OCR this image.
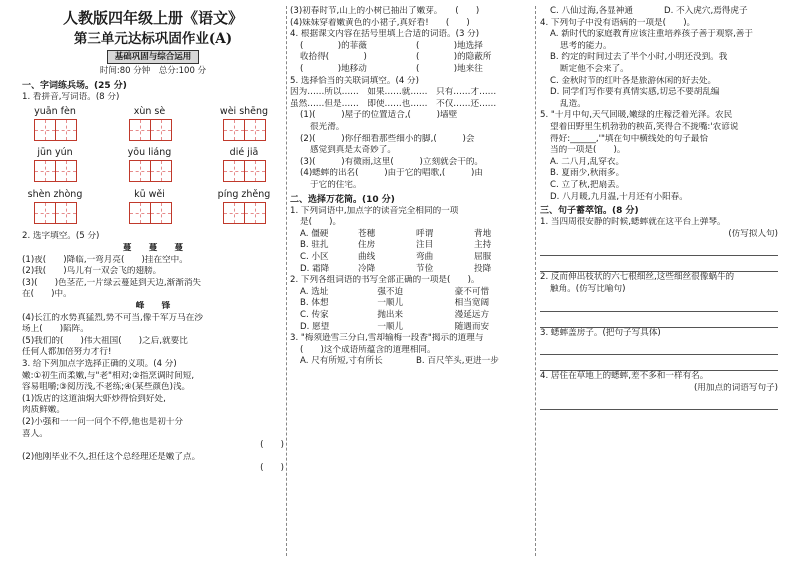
人教版四年级上册《语文》
第三单元达标巩固作业(A)
基础巩固与综合运用
时间:80 分钟　总分:100 分
一、字词练兵场。(25 分)
1. 看拼音,写词语。(8 分)
yuān fèn	xùn sè	wèi shēng
jūn yún	yōu liáng	dié jiā
shèn zhòng	kū wěi	píng zhěng
2. 选字填空。(5 分)
蔓　　蔓　　蔓
(1)夜(　　)降临,一弯月亮(　　)挂在空中。
(2)我(　　)鸟儿有一双会飞的翅膀。
(3)(　　)色茎茫,一片绿云蔓延到天边,渐渐消失
在(　　)中。
峰　　锋
(4)长江的水势真猛烈,势不可当,像千军万马在沙
场上(　　)陷阵。
(5)我们的(　　)伟大祖国(　　)之后,就要比
任何人都加倍努力才行!
3. 给下列加点字选择正确的义项。(4 分)
嫩:①初生而柔嫩,与"老"相对;②指烹调时间短,
容易咀嚼;③阅历浅,不老练;④(某些颜色)浅。
(1)饭店的这道油焖大虾炒得恰到好处,
肉质鲜嫩。
(2)小强和一一问一问个不停,他也是初十分
喜人。
(　　)
(2)他刚毕业不久,担任这个总经理还是嫩了点。
(　　)
(3)初春时节,山上的小树已抽出了嫩芽。　　(　　)
(4)妹妹穿着嫩黄色的小裙子,真好看!　　(　　)
4. 根据课文内容在括号里填上合适的词语。(3 分)
(　　　　)的菲薇	(　　　　)地选择
收拾得(　　　　)	(　　　　)的隐蔽所
(　　　　)地移动	(　　　　)地来往
5. 选择恰当的关联词填空。(4 分)
因为……所以……　如果……就……　只有……才……
虽然……但是……　即使……也……　不仅……还……
(1)(　　　)屋子的位置适合,(　　　)墙壁
很光滑。
(2)(　　　)你仔细看那些细小的脚,(　　　)会
感觉到真是太奇妙了。
(3)(　　　)有微雨,这里(　　　)立刻就会干的。
(4)蟋蟀的出名(　　　)由于它的唱歌,(　　　)由
于它的住宅。
二、选择万花筒。(10 分)
1. 下列词语中,加点字的读音完全相同的一项
是(　　)。
A. 僵硬	苍穗	呼谓	背地
B. 驻扎	住房	注目	主持
C. 小区	曲线	弯曲	屈服
D. 霜降	冷降	节俭	投降
2. 下列各组词语的书写全部正确的一项是(　　)。
A. 选址	强不迫	豪不可惜
B. 体想	一顺儿	相当宽阔
C. 传家	抛出来	漫延远方
D. 愿望	一顺儿	随遇而安
3. "梅须逊雪三分白,雪却输梅一段香"揭示的道理与
(　　)这个成语所蕴含的道理相同。
A. 尺有所短,寸有所长	B. 百尺竿头,更进一步
C. 八仙过海,各显神通	D. 不入虎穴,焉得虎子
4. 下列句子中没有语病的一项是(　　)。
A. 新时代的家庭教育应该注重培养孩子善于观察,善于
思考的能力。
B. 约定的时间过去了半个小时,小明还没到。我
断定他不会来了。
C. 金秋时节的红叶各是旅游休闲的好去处。
D. 同学们写作要有真情实感,切忌不要胡乱编
乱造。
5. "十月中旬,天气回暖,嫩绿的庄稼泛着光泽。农民
望着田野里生机勃勃的秧苗,笑得合不拢嘴:'农谚说
得好:______,'"填在句中横线处的句子最恰
当的一项是(　　)。
A. 二八月,乱穿衣。
B. 夏雨少,秋雨多。
C. 立了秋,把扇丢。
D. 八月暖,九月温,十月还有小阳春。
三、句子蓄萃馆。(8 分)
1. 当四周很安静的时候,蟋蟀就在这平台上弹琴。
(仿写拟人句)
2. 反而伸出枝状的六七根细丝,这些细丝很像蜗牛的
触角。(仿写比喻句)
3. 蟋蟀盖房子。(把句子写具体)
4. 居住在草地上的蟋蟀,差不多和一样有名。
(用加点的词语写句子)
